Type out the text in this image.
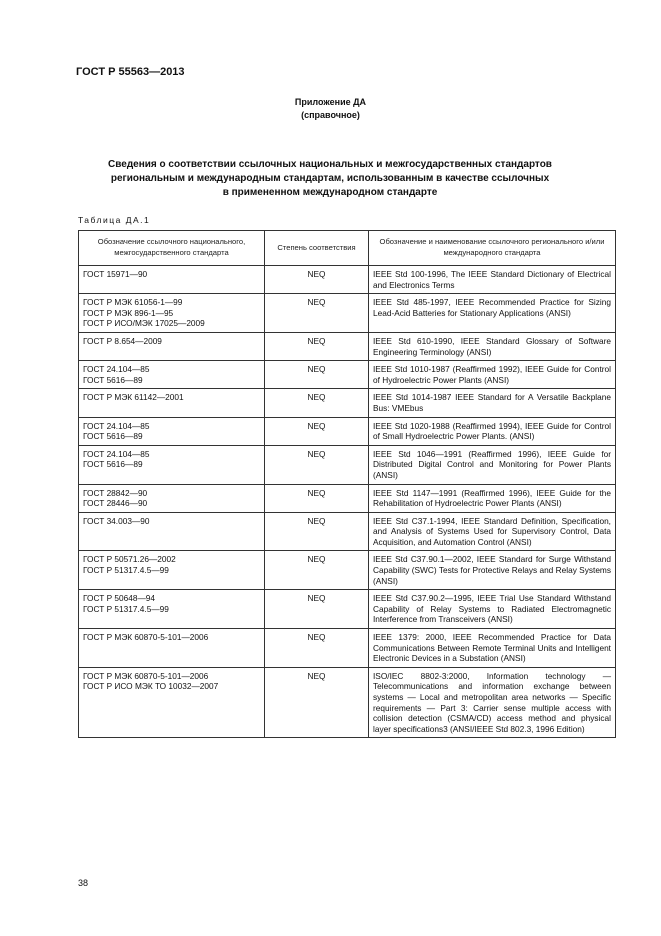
ГОСТ Р 55563—2013
Приложение ДА
(справочное)
Сведения о соответствии ссылочных национальных и межгосударственных стандартов
региональным и международным стандартам, использованным в качестве ссылочных
в примененном международном стандарте
Таблица ДА.1
Обозначение ссылочного национального, межгосударственного стандарта	Степень соответствия	Обозначение и наименование ссылочного регионального и/или международного стандарта

ГОСТ 15971—90	NEQ	IEEE Std 100-1996, The IEEE Standard Dictionary of Electrical and Electronics Terms

ГОСТ Р МЭК 61056-1—99
ГОСТ Р МЭК 896-1—95
ГОСТ Р ИСО/МЭК 17025—2009	NEQ	IEEE Std 485-1997, IEEE Recommended Practice for Sizing Lead-Acid Batteries for Stationary Applications (ANSI)

ГОСТ Р 8.654—2009	NEQ	IEEE Std 610-1990, IEEE Standard Glossary of Software Engineering Terminology (ANSI)

ГОСТ 24.104—85
ГОСТ 5616—89	NEQ	IEEE Std 1010-1987 (Reaffirmed 1992), IEEE Guide for Control of Hydroelectric Power Plants (ANSI)

ГОСТ Р МЭК 61142—2001	NEQ	IEEE Std 1014-1987 IEEE Standard for A Versatile Backplane Bus: VMEbus

ГОСТ 24.104—85
ГОСТ 5616—89	NEQ	IEEE Std 1020-1988 (Reaffirmed 1994), IEEE Guide for Control of Small Hydroelectric Power Plants. (ANSI)

ГОСТ 24.104—85
ГОСТ 5616—89	NEQ	IEEE Std 1046—1991 (Reaffirmed 1996), IEEE Guide for Distributed Digital Control and Monitoring for Power Plants (ANSI)

ГОСТ 28842—90
ГОСТ 28446—90	NEQ	IEEE Std 1147—1991 (Reaffirmed 1996), IEEE Guide for the Rehabilitation of Hydroelectric Power Plants (ANSI)

ГОСТ 34.003—90	NEQ	IEEE Std C37.1-1994, IEEE Standard Definition, Specification, and Analysis of Systems Used for Supervisory Control, Data Acquisition, and Automation Control (ANSI)

ГОСТ Р 50571.26—2002
ГОСТ Р 51317.4.5—99	NEQ	IEEE Std C37.90.1—2002, IEEE Standard for Surge Withstand Capability (SWC) Tests for Protective Relays and Relay Systems (ANSI)

ГОСТ Р 50648—94
ГОСТ Р 51317.4.5—99	NEQ	IEEE Std C37.90.2—1995, IEEE Trial Use Standard Withstand Capability of Relay Systems to Radiated Electromagnetic Interference from Transceivers (ANSI)

ГОСТ Р МЭК 60870-5-101—2006	NEQ	IEEE 1379: 2000, IEEE Recommended Practice for Data Communications Between Remote Terminal Units and Intelligent Electronic Devices in a Substation (ANSI)

ГОСТ Р МЭК 60870-5-101—2006
ГОСТ Р ИСО МЭК ТО 10032—2007	NEQ	ISO/IEC 8802-3:2000, Information technology — Telecommunications and information exchange between systems — Local and metropolitan area networks — Specific requirements — Part 3: Carrier sense multiple access with collision detection (CSMA/CD) access method and physical layer specifications3 (ANSI/IEEE Std 802.3, 1996 Edition)
38
